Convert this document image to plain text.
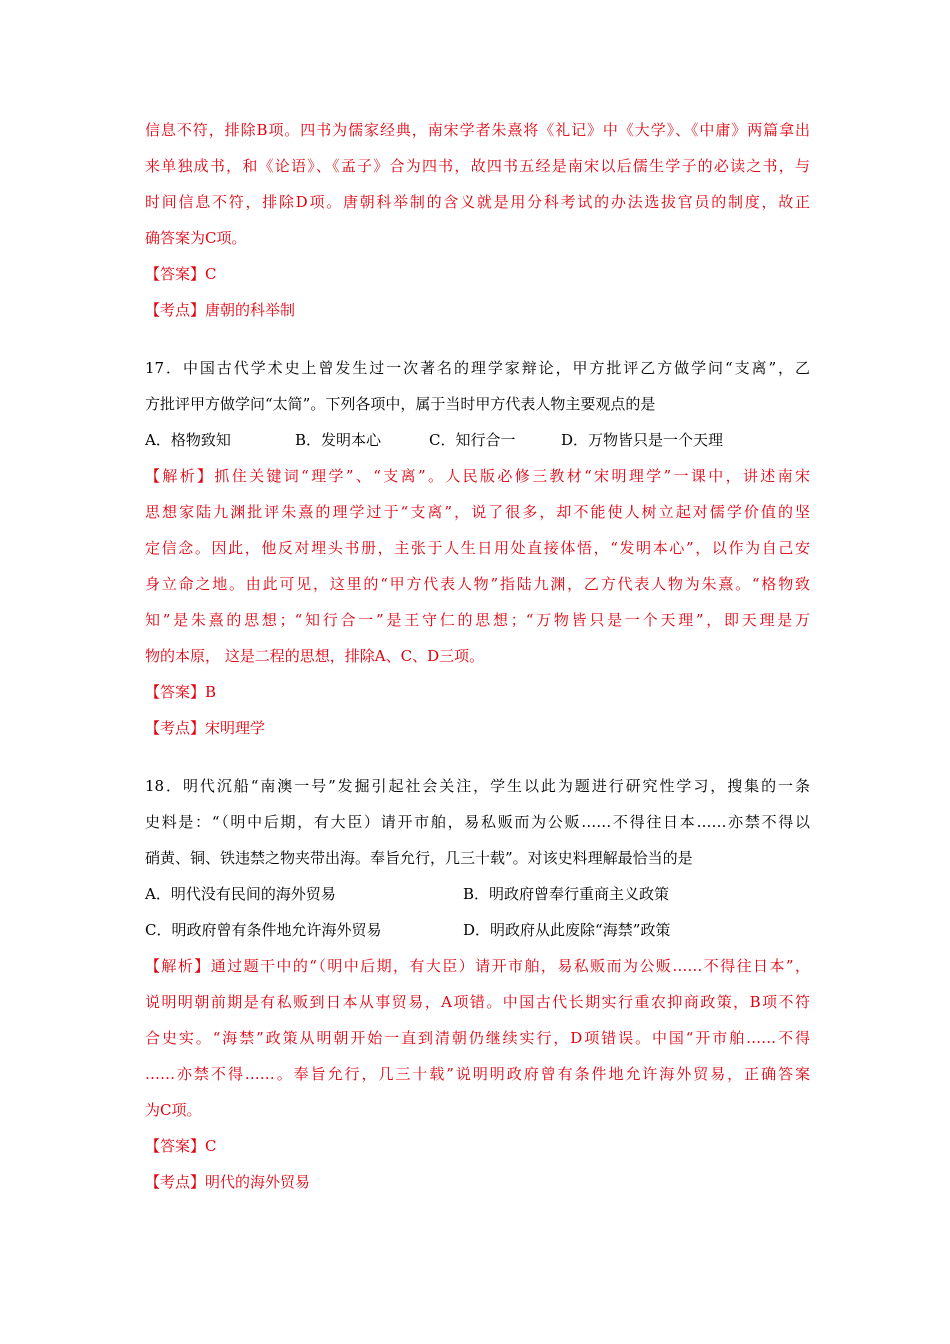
信息不符，排除B项。四书为儒家经典，南宋学者朱熹将《礼记》中《大学》、《中庸》两篇拿出
来单独成书，和《论语》、《孟子》合为四书，故四书五经是南宋以后儒生学子的必读之书，与
时间信息不符，排除D项。唐朝科举制的含义就是用分科考试的办法选拔官员的制度，故正
确答案为C项。
【答案】C
【考点】唐朝的科举制
17．中国古代学术史上曾发生过一次著名的理学家辩论，甲方批评乙方做学问“支离”，乙
方批评甲方做学问“太简”。下列各项中，属于当时甲方代表人物主要观点的是
A．格物致知	B．发明本心	C．知行合一	D．万物皆只是一个天理
【解析】抓住关键词“理学”、“支离”。人民版必修三教材“宋明理学”一课中，讲述南宋
思想家陆九渊批评朱熹的理学过于“支离”，说了很多，却不能使人树立起对儒学价值的坚
定信念。因此，他反对埋头书册，主张于人生日用处直接体悟，“发明本心”，以作为自己安
身立命之地。由此可见，这里的“甲方代表人物”指陆九渊，乙方代表人物为朱熹。“格物致
知”是朱熹的思想；“知行合一”是王守仁的思想；“万物皆只是一个天理”，即天理是万
物的本原， 这是二程的思想，排除A、C、D三项。
【答案】B
【考点】宋明理学
18．明代沉船“南澳一号”发掘引起社会关注，学生以此为题进行研究性学习，搜集的一条
史料是：“（明中后期，有大臣）请开市舶，易私贩而为公贩……不得往日本……亦禁不得以
硝黄、铜、铁违禁之物夹带出海。奉旨允行，几三十载”。对该史料理解最恰当的是
A．明代没有民间的海外贸易	B．明政府曾奉行重商主义政策
C．明政府曾有条件地允许海外贸易	D．明政府从此废除“海禁”政策
【解析】通过题干中的“（明中后期，有大臣）请开市舶，易私贩而为公贩……不得往日本”，
说明明朝前期是有私贩到日本从事贸易，A项错。中国古代长期实行重农抑商政策，B项不符
合史实。“海禁”政策从明朝开始一直到清朝仍继续实行，D项错误。中国“开市舶……不得
……亦禁不得……。奉旨允行，几三十载”说明明政府曾有条件地允许海外贸易，正确答案
为C项。
【答案】C
【考点】明代的海外贸易
